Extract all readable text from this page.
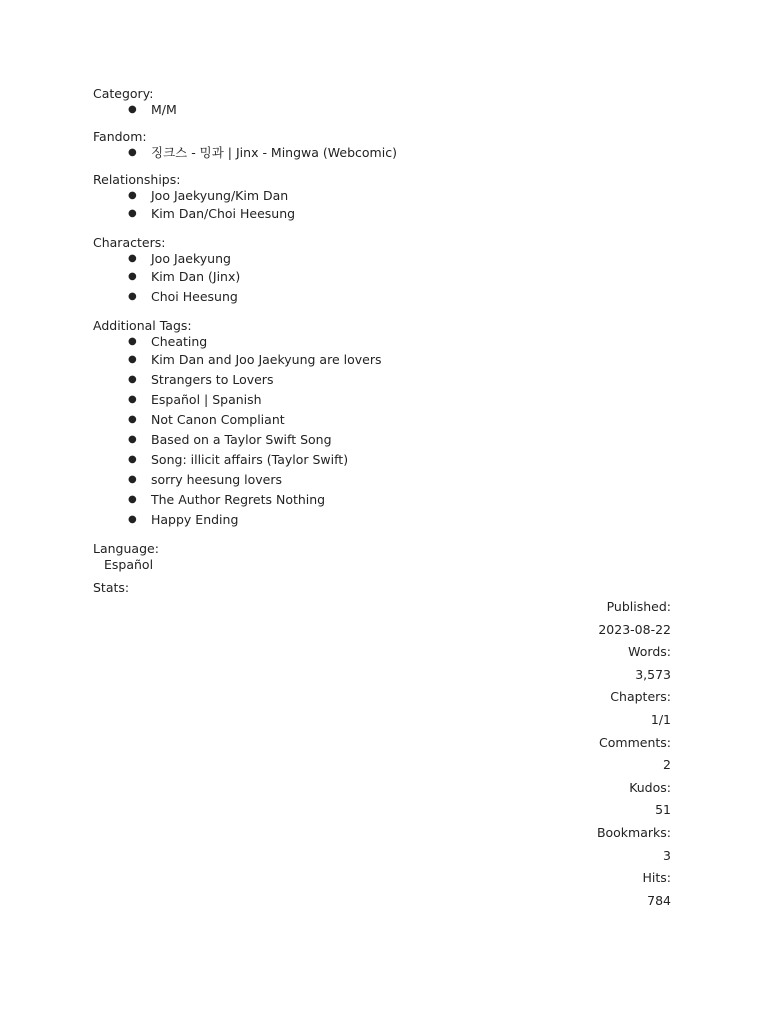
Category:
● M/M
Fandom:
● 징크스 - 밍과 | Jinx - Mingwa (Webcomic)
Relationships:
● Joo Jaekyung/Kim Dan
● Kim Dan/Choi Heesung
Characters:
● Joo Jaekyung
● Kim Dan (Jinx)
● Choi Heesung
Additional Tags:
● Cheating
● Kim Dan and Joo Jaekyung are lovers
● Strangers to Lovers
● Español | Spanish
● Not Canon Compliant
● Based on a Taylor Swift Song
● Song: illicit affairs (Taylor Swift)
● sorry heesung lovers
● The Author Regrets Nothing
● Happy Ending
Language:
Español
Stats:
Published:
2023-08-22
Words:
3,573
Chapters:
1/1
Comments:
2
Kudos:
51
Bookmarks:
3
Hits:
784
